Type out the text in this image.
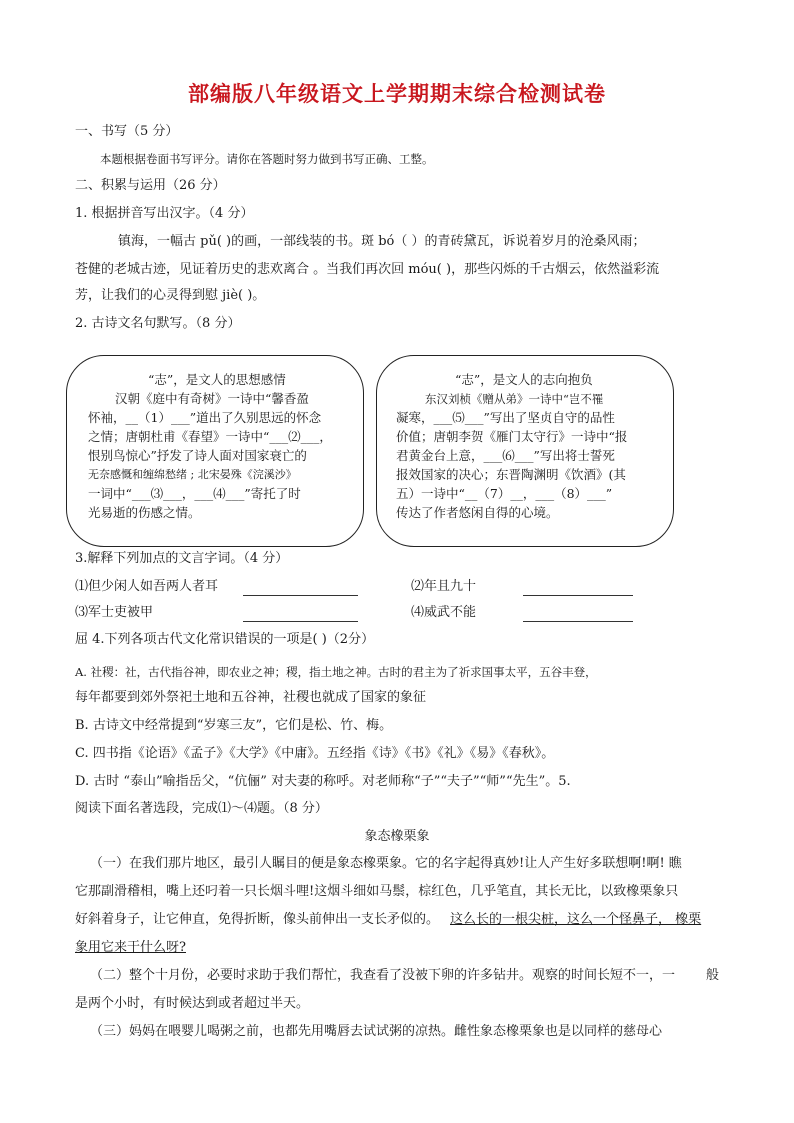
部编版八年级语文上学期期末综合检测试卷
一、书写（5 分）
本题根据卷面书写评分。请你在答题时努力做到书写正确、工整。
二、积累与运用（26 分）
1. 根据拼音写出汉字。（4 分）
镇海，一幅古 pǔ( )的画，一部线装的书。斑 bó（ ）的青砖黛瓦，诉说着岁月的沧桑风雨；
苍健的老城古迹，见证着历史的悲欢离合 。当我们再次回 móu( )，那些闪烁的千古烟云，依然溢彩流
芳，让我们的心灵得到慰 jiè( )。
2. 古诗文名句默写。（8 分）
“志”，是文人的思想感情
汉朝《庭中有奇树》一诗中“馨香盈
怀袖，__（1）___”道出了久别思远的怀念
之情；唐朝杜甫《春望》一诗中“___⑵___，
恨别鸟惊心”抒发了诗人面对国家衰亡的
无奈感慨和缠绵愁绪 ; 北宋晏殊《浣溪沙》
一词中“___⑶___，___⑷___”寄托了时
光易逝的伤感之情。
“志”，是文人的志向抱负
东汉刘桢《赠从弟》一诗中“岂不罹
凝寒，___⑸___”写出了坚贞自守的品性
价值；唐朝李贺《雁门太守行》一诗中“报
君黄金台上意，___⑹___”写出将士誓死
报效国家的决心；东晋陶渊明《饮酒》(其
五）一诗中“__（7）__，___（8）___”
传达了作者悠闲自得的心境。
3.解释下列加点的文言字词。（4 分）
⑴但少闲人如吾两人者耳	⑵年且九十
⑶军士吏被甲	⑷威武不能
屈 4.下列各项古代文化常识错误的一项是( )（2分）
A. 社稷：社，古代指谷神，即农业之神；稷，指土地之神。古时的君主为了祈求国事太平，五谷丰登，
每年都要到郊外祭祀土地和五谷神，社稷也就成了国家的象征
B. 古诗文中经常提到“岁寒三友”，它们是松、竹、梅。
C. 四书指《论语》《孟子》《大学》《中庸》。五经指《诗》《书》《礼》《易》《春秋》。
D. 古时 “泰山”喻指岳父，“伉俪” 对夫妻的称呼。对老师称“子”“夫子”“师”“先生”。5.
阅读下面名著选段，完成⑴～⑷题。（8 分）
象态橡栗象
（一）在我们那片地区，最引人瞩目的便是象态橡栗象。它的名字起得真妙!让人产生好多联想啊!啊! 瞧
它那副滑稽相，嘴上还叼着一只长烟斗哩!这烟斗细如马鬃，棕红色，几乎笔直，其长无比，以致橡栗象只
好斜着身子，让它伸直，免得折断，像头前伸出一支长矛似的。 这么长的一根尖桩，这么一个怪鼻子， 橡栗
象用它来干什么呀?
（二）整个十月份，必要时求助于我们帮忙，我查看了没被下卵的许多钻井。观察的时间长短不一，一 般
是两个小时，有时候达到或者超过半天。
（三）妈妈在喂婴儿喝粥之前，也都先用嘴唇去试试粥的凉热。雌性象态橡栗象也是以同样的慈母心
